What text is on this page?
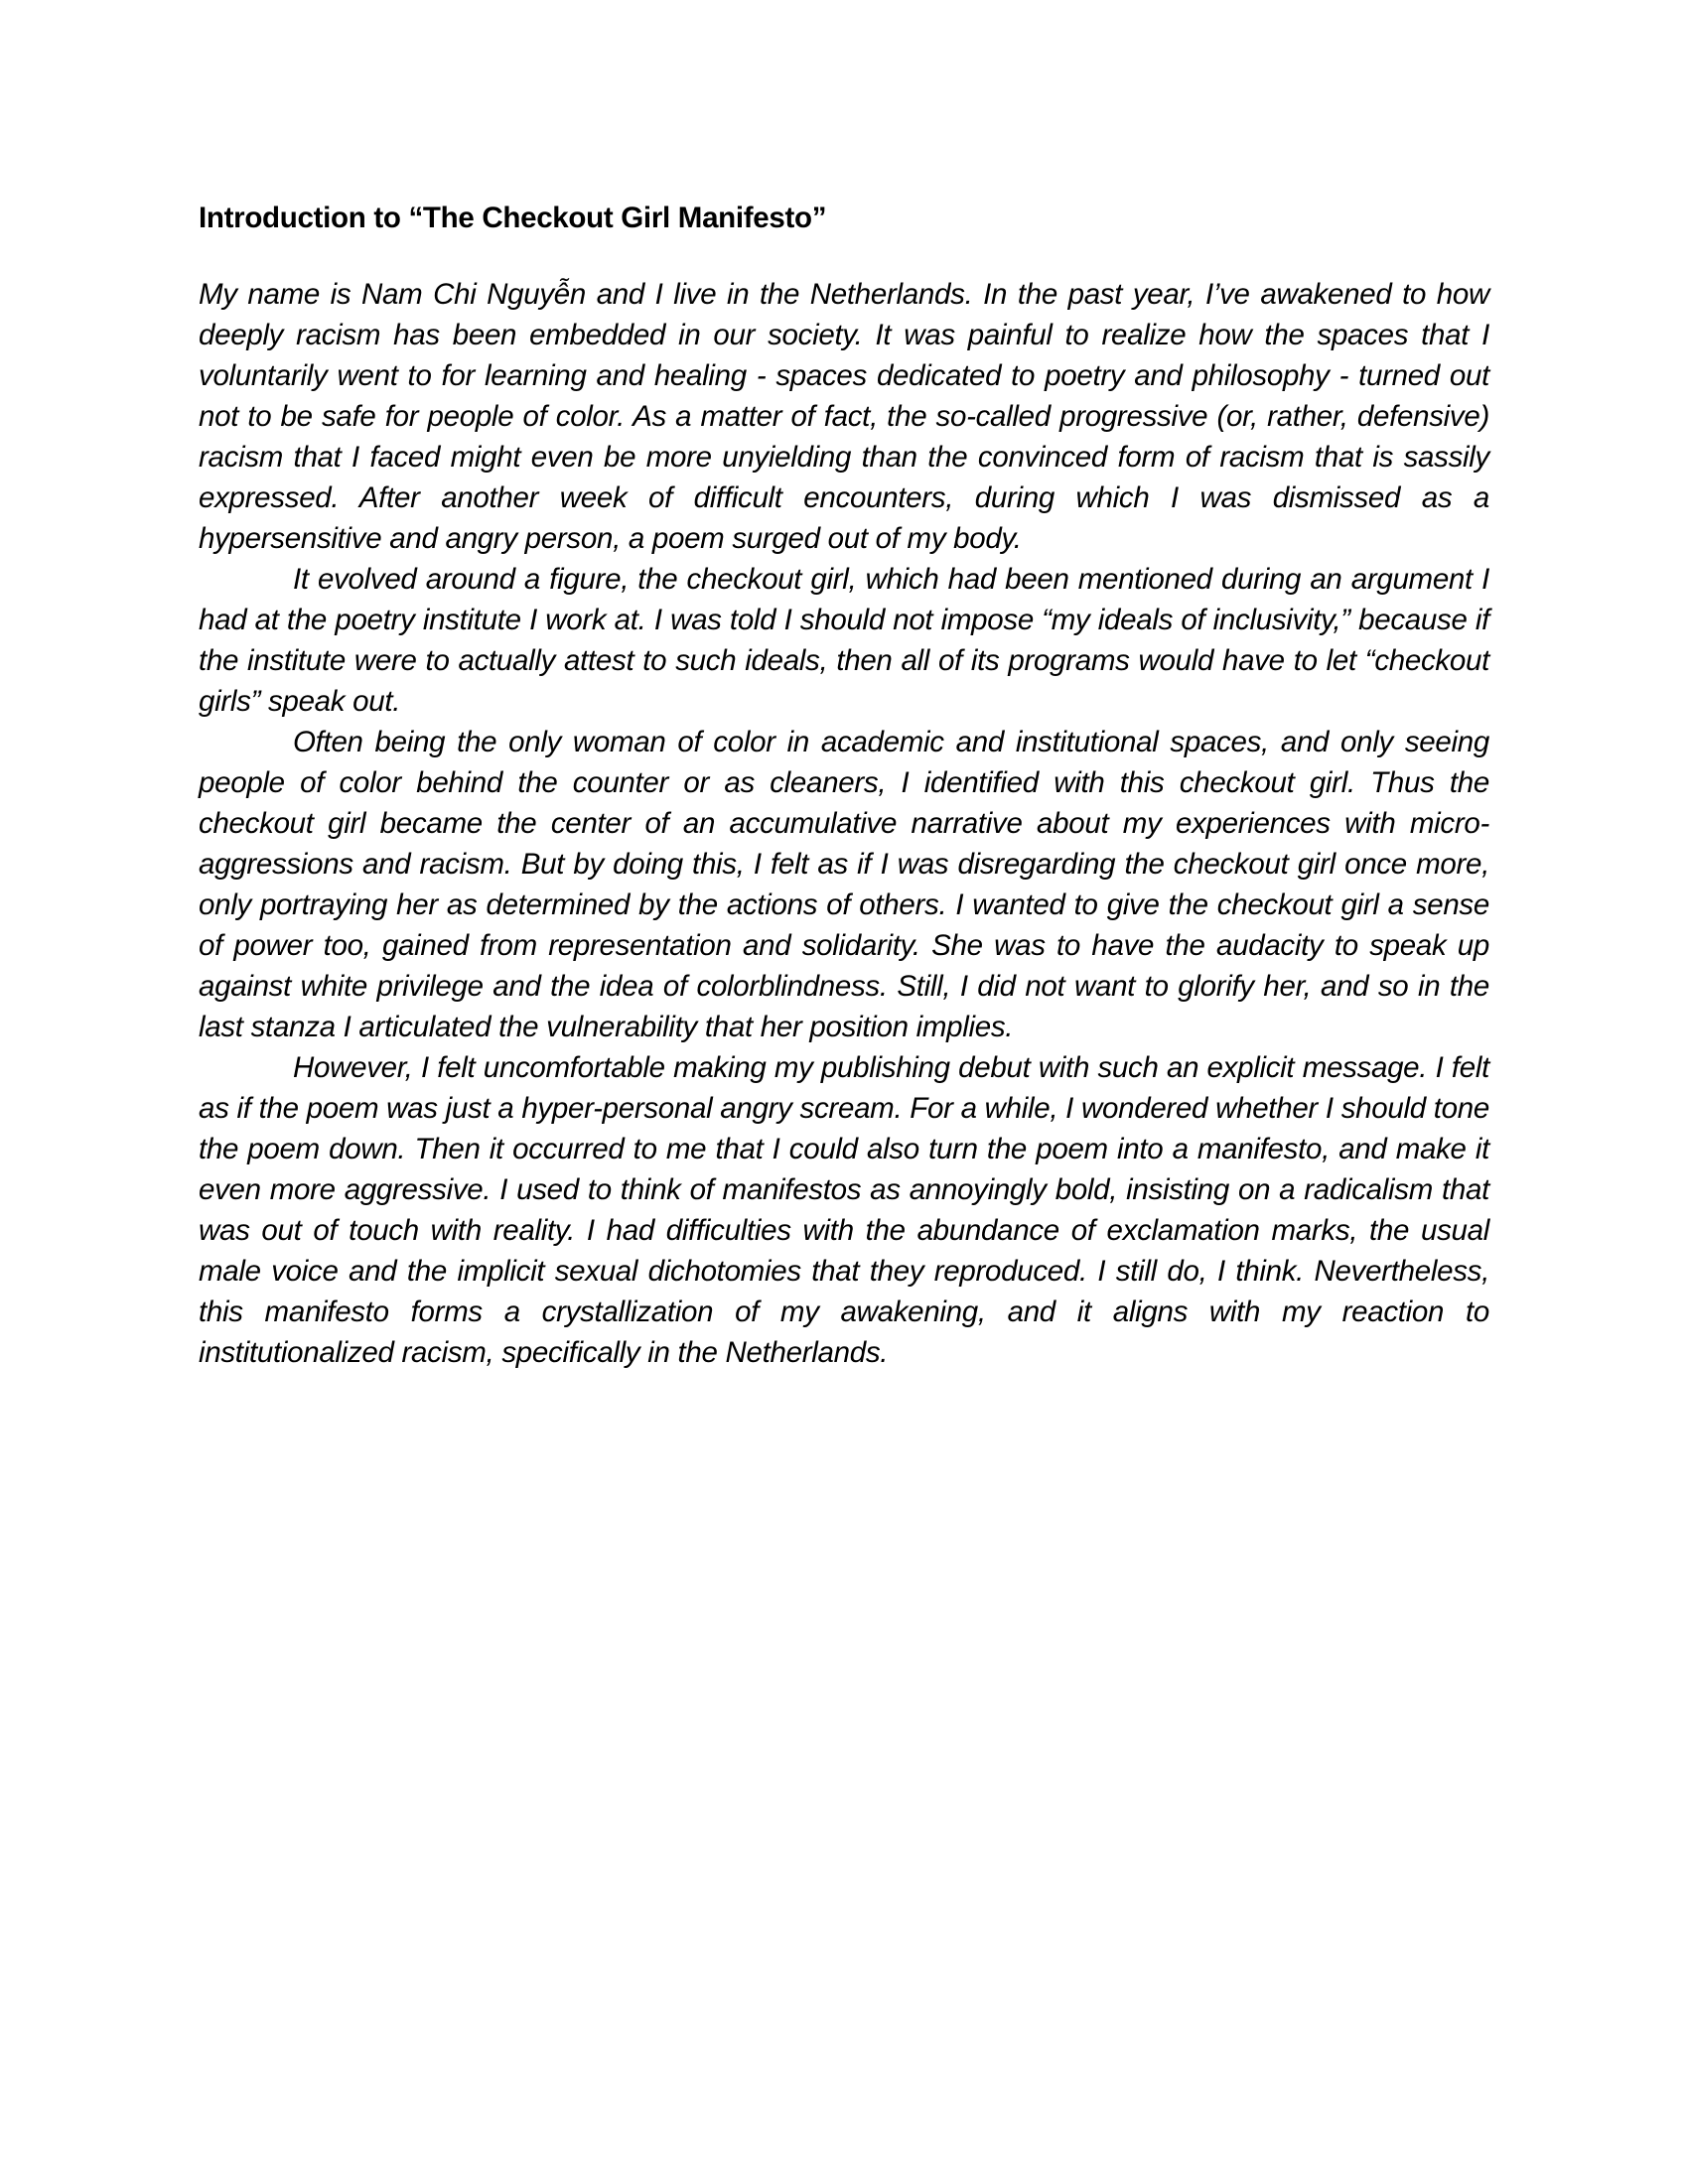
Introduction to “The Checkout Girl Manifesto”

My name is Nam Chi Nguyễn and I live in the Netherlands. In the past year, I’ve awakened to how deeply racism has been embedded in our society. It was painful to realize how the spaces that I voluntarily went to for learning and healing - spaces dedicated to poetry and philosophy - turned out not to be safe for people of color. As a matter of fact, the so-called progressive (or, rather, defensive) racism that I faced might even be more unyielding than the convinced form of racism that is sassily expressed. After another week of difficult encounters, during which I was dismissed as a hypersensitive and angry person, a poem surged out of my body.

It evolved around a figure, the checkout girl, which had been mentioned during an argument I had at the poetry institute I work at. I was told I should not impose “my ideals of inclusivity,” because if the institute were to actually attest to such ideals, then all of its programs would have to let “checkout girls” speak out.

Often being the only woman of color in academic and institutional spaces, and only seeing people of color behind the counter or as cleaners, I identified with this checkout girl. Thus the checkout girl became the center of an accumulative narrative about my experiences with micro-aggressions and racism. But by doing this, I felt as if I was disregarding the checkout girl once more, only portraying her as determined by the actions of others. I wanted to give the checkout girl a sense of power too, gained from representation and solidarity. She was to have the audacity to speak up against white privilege and the idea of colorblindness. Still, I did not want to glorify her, and so in the last stanza I articulated the vulnerability that her position implies.

However, I felt uncomfortable making my publishing debut with such an explicit message. I felt as if the poem was just a hyper-personal angry scream. For a while, I wondered whether I should tone the poem down. Then it occurred to me that I could also turn the poem into a manifesto, and make it even more aggressive. I used to think of manifestos as annoyingly bold, insisting on a radicalism that was out of touch with reality. I had difficulties with the abundance of exclamation marks, the usual male voice and the implicit sexual dichotomies that they reproduced. I still do, I think. Nevertheless, this manifesto forms a crystallization of my awakening, and it aligns with my reaction to institutionalized racism, specifically in the Netherlands.
